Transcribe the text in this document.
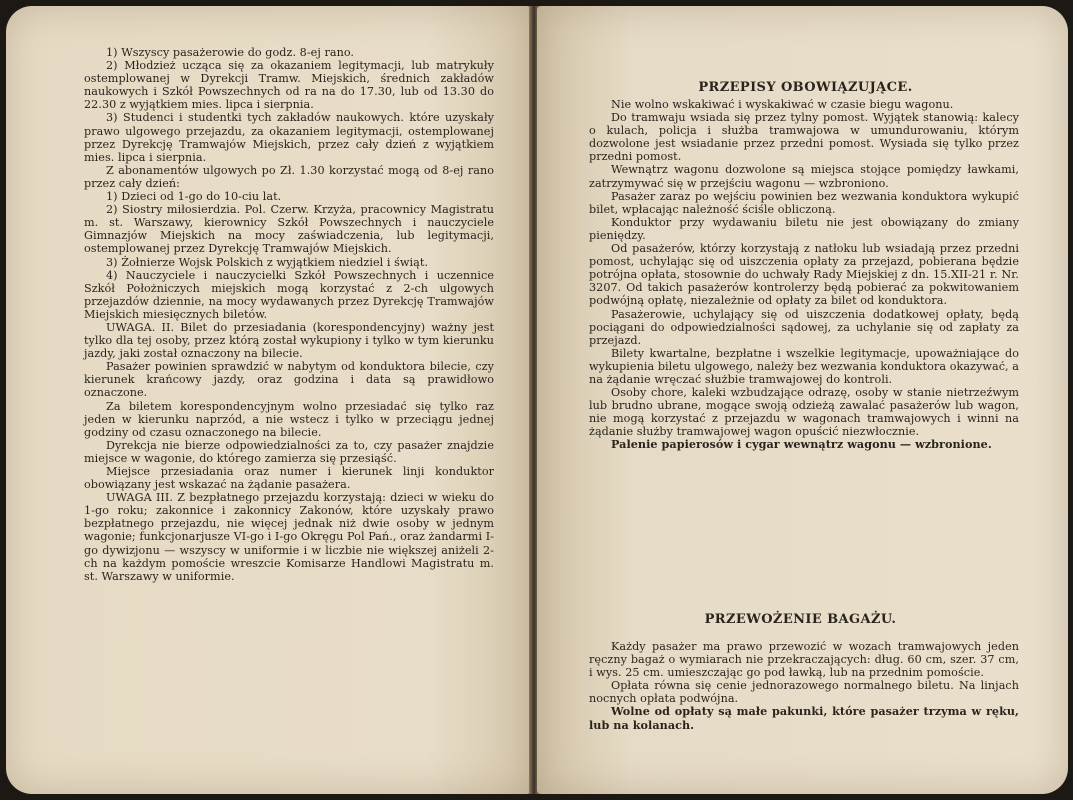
1) Wszyscy pasażerowie do godz. 8-ej rano.

2) Młodzież ucząca się za okazaniem legitymacji, lub matrykuły ostemplowanej w Dyrekcji Tramw. Miejskich, średnich zakładów naukowych i Szkół Powszechnych od ra na do 17.30, lub od 13.30 do 22.30 z wyjątkiem mies. lipca i sierpnia.

3) Studenci i studentki tych zakładów naukowych. które uzyskały prawo ulgowego przejazdu, za okazaniem legitymacji, ostemplowanej przez Dyrekcję Tramwajów Miejskich, przez cały dzień z wyjątkiem mies. lipca i sierpnia.

Z abonamentów ulgowych po Zł. 1.30 korzystać mogą od 8-ej rano przez cały dzień:

1) Dzieci od 1-go do 10-ciu lat.

2) Siostry miłosierdzia. Pol. Czerw. Krzyża, pracownicy Magistratu m. st. Warszawy, kierownicy Szkół Powszechnych i nauczyciele Gimnazjów Miejskich na mocy zaświadczenia, lub legitymacji, ostemplowanej przez Dyrekcję Tramwajów Miejskich.

3) Żołnierze Wojsk Polskich z wyjątkiem niedziel i świąt.

4) Nauczyciele i nauczycielki Szkół Powszechnych i uczennice Szkół Położniczych miejskich mogą korzystać z 2-ch ulgowych przejazdów dziennie, na mocy wydawanych przez Dyrekcję Tramwajów Miejskich miesięcznych biletów.

UWAGA. II. Bilet do przesiadania (korespondencyjny) ważny jest tylko dla tej osoby, przez którą został wykupiony i tylko w tym kierunku jazdy, jaki został oznaczony na bilecie.

Pasażer powinien sprawdzić w nabytym od konduktora bilecie, czy kierunek krańcowy jazdy, oraz godzina i data są prawidłowo oznaczone.

Za biletem korespondencyjnym wolno przesiadać się tylko raz jeden w kierunku naprzód, a nie wstecz i tylko w przeciągu jednej godziny od czasu oznaczonego na bilecie.

Dyrekcja nie bierze odpowiedzialności za to, czy pasażer znajdzie miejsce w wagonie, do którego zamierza się przesiąść.

Miejsce przesiadania oraz numer i kierunek linji konduktor obowiązany jest wskazać na żądanie pasażera.

UWAGA III. Z bezpłatnego przejazdu korzystają: dzieci w wieku do 1-go roku; zakonnice i zakonnicy Zakonów, które uzyskały prawo bezpłatnego przejazdu, nie więcej jednak niż dwie osoby w jednym wagonie; funkcjonarjusze VI-go i I-go Okręgu Pol Pań., oraz żandarmi I-go dywizjonu — wszyscy w uniformie i w liczbie nie większej aniżeli 2-ch na każdym pomoście wreszcie Komisarze Handlowi Magistratu m. st. Warszawy w uniformie.

PRZEPISY OBOWIĄZUJĄCE.

Nie wolno wskakiwać i wyskakiwać w czasie biegu wagonu.

Do tramwaju wsiada się przez tylny pomost. Wyjątek stanowią: kalecy o kulach, policja i służba tramwajowa w umundurowaniu, którym dozwolone jest wsiadanie przez przedni pomost. Wysiada się tylko przez przedni pomost.

Wewnątrz wagonu dozwolone są miejsca stojące pomiędzy ławkami, zatrzymywać się w przejściu wagonu — wzbroniono.

Pasażer zaraz po wejściu powinien bez wezwania konduktora wykupić bilet, wpłacając należność ściśle obliczoną.

Konduktor przy wydawaniu biletu nie jest obowiązany do zmiany pieniędzy.

Od pasażerów, którzy korzystają z natłoku lub wsiadają przez przedni pomost, uchylając się od uiszczenia opłaty za przejazd, pobierana będzie potrójna opłata, stosownie do uchwały Rady Miejskiej z dn. 15.XII-21 r. Nr. 3207. Od takich pasażerów kontrolerzy będą pobierać za pokwitowaniem podwójną opłatę, niezależnie od opłaty za bilet od konduktora.

Pasażerowie, uchylający się od uiszczenia dodatkowej opłaty, będą pociągani do odpowiedzialności sądowej, za uchylanie się od zapłaty za przejazd.

Bilety kwartalne, bezpłatne i wszelkie legitymacje, upoważniające do wykupienia biletu ulgowego, należy bez wezwania konduktora okazywać, a na żądanie wręczać służbie tramwajowej do kontroli.

Osoby chore, kaleki wzbudzające odrazę, osoby w stanie nietrzeźwym lub brudno ubrane, mogące swoją odzieżą zawalać pasażerów lub wagon, nie mogą korzystać z przejazdu w wagonach tramwajowych i winni na żądanie służby tramwajowej wagon opuścić niezwłocznie.

Palenie papierosów i cygar wewnątrz wagonu — wzbronione.

PRZEWOŻENIE BAGAŻU.

Każdy pasażer ma prawo przewozić w wozach tramwajowych jeden ręczny bagaż o wymiarach nie przekraczających: dług. 60 cm, szer. 37 cm, i wys. 25 cm. umieszczając go pod ławką, lub na przednim pomoście.

Opłata równa się cenie jednorazowego normalnego biletu. Na linjach nocnych opłata podwójna.

Wolne od opłaty są małe pakunki, które pasażer trzyma w ręku, lub na kolanach.
